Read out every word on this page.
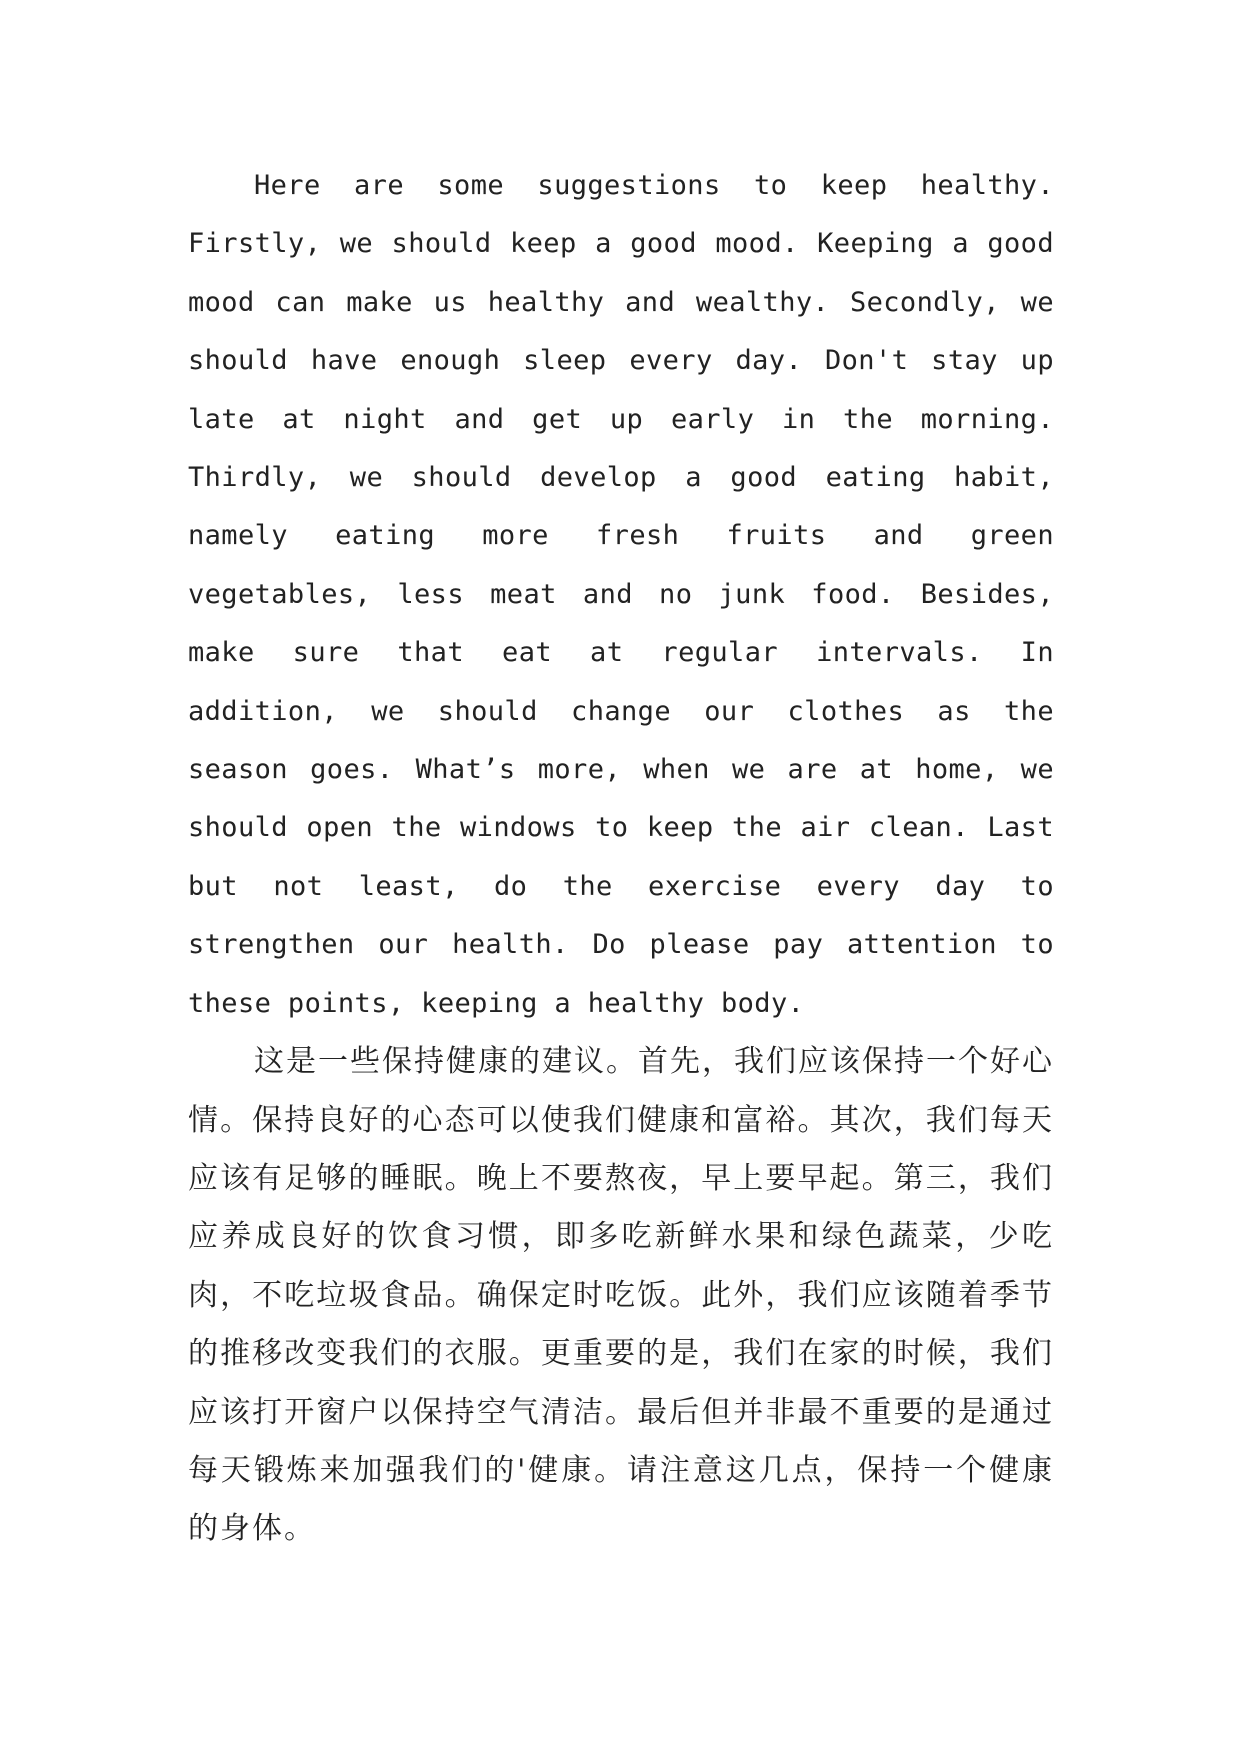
Here are some suggestions to keep healthy. Firstly, we should keep a good mood. Keeping a good mood can make us healthy and wealthy. Secondly, we should have enough sleep every day. Don't stay up late at night and get up early in the morning. Thirdly, we should develop a good eating habit, namely eating more fresh fruits and green vegetables, less meat and no junk food. Besides, make sure that eat at regular intervals. In addition, we should change our clothes as the season goes. What’s more, when we are at home, we should open the windows to keep the air clean. Last but not least, do the exercise every day to strengthen our health. Do please pay attention to these points, keeping a healthy body.

这是一些保持健康的建议。首先，我们应该保持一个好心情。保持良好的心态可以使我们健康和富裕。其次，我们每天应该有足够的睡眠。晚上不要熬夜，早上要早起。第三，我们应养成良好的饮食习惯，即多吃新鲜水果和绿色蔬菜，少吃肉，不吃垃圾食品。确保定时吃饭。此外，我们应该随着季节的推移改变我们的衣服。更重要的是，我们在家的时候，我们应该打开窗户以保持空气清洁。最后但并非最不重要的是通过每天锻炼来加强我们的'健康。请注意这几点，保持一个健康的身体。
